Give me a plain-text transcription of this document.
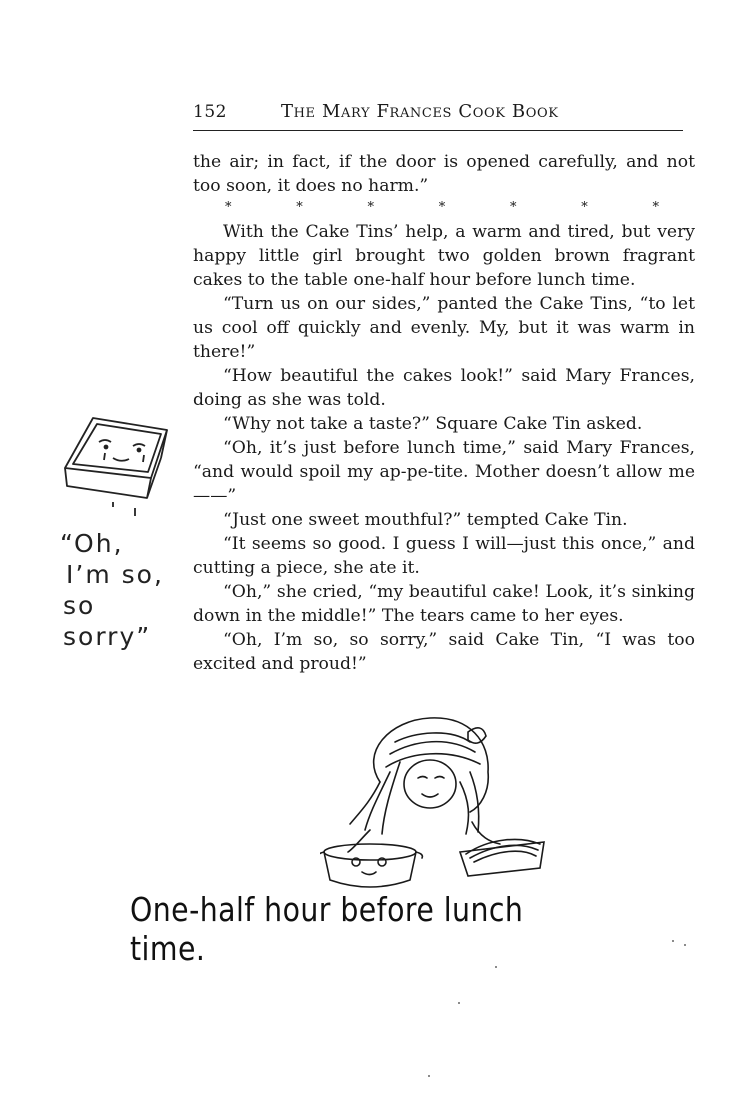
152	The Mary Frances Cook Book

the air; in fact, if the door is opened carefully, and not too soon, it does no harm.”

*	*	*	*	*	*	*

With the Cake Tins’ help, a warm and tired, but very happy little girl brought two golden brown fragrant cakes to the table one-half hour before lunch time.

“Turn us on our sides,” panted the Cake Tins, “to let us cool off quickly and evenly. My, but it was warm in there!”

“How beautiful the cakes look!” said Mary Frances, doing as she was told.

“Why not take a taste?” Square Cake Tin asked.

“Oh, it’s just before lunch time,” said Mary Frances, “and would spoil my ap-pe-tite. Mother doesn’t allow me——”

“Just one sweet mouthful?” tempted Cake Tin.

“It seems so good. I guess I will—just this once,” and cutting a piece, she ate it.

“Oh,” she cried, “my beautiful cake! Look, it’s sinking down in the middle!” The tears came to her eyes.

“Oh, I’m so, so sorry,” said Cake Tin, “I was too excited and proud!”

“Oh,
I’m so,
so sorry”
One-half hour before lunch time.
